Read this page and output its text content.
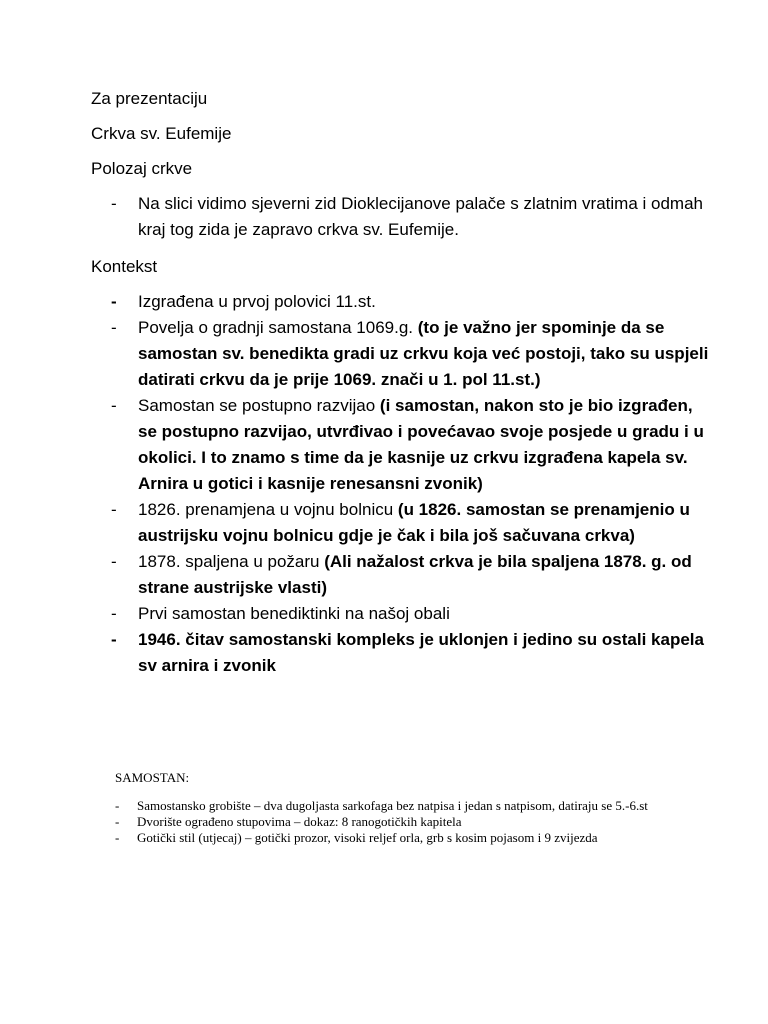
Za prezentaciju

Crkva sv. Eufemije

Polozaj crkve

- Na slici vidimo sjeverni zid Dioklecijanove palače s zlatnim vratima i odmah kraj tog zida je zapravo crkva sv. Eufemije.

Kontekst

- Izgrađena u prvoj polovici 11.st.
- Povelja o gradnji samostana 1069.g. (to je važno jer spominje da se samostan sv. benedikta gradi uz crkvu koja već postoji, tako su uspjeli datirati crkvu da je prije 1069. znači u 1. pol 11.st.)
- Samostan se postupno razvijao (i samostan, nakon sto je bio izgrađen, se postupno razvijao, utvrđivao i povećavao svoje posjede u gradu i u okolici. I to znamo s time da je kasnije uz crkvu izgrađena kapela sv. Arnira u gotici i kasnije renesansni zvonik)
- 1826. prenamjena u vojnu bolnicu (u 1826. samostan se prenamjenio u austrijsku vojnu bolnicu gdje je čak i bila još sačuvana crkva)
- 1878. spaljena u požaru (Ali nažalost crkva je bila spaljena 1878. g. od strane austrijske vlasti)
- Prvi samostan benediktinki na našoj obali
- 1946. čitav samostanski kompleks je uklonjen i jedino su ostali kapela sv arnira i zvonik

SAMOSTAN:

- Samostansko grobište – dva dugoljasta sarkofaga bez natpisa i jedan s natpisom, datiraju se 5.-6.st
- Dvorište ograđeno stupovima – dokaz: 8 ranogotičkih kapitela
- Gotički stil (utjecaj) – gotički prozor, visoki reljef orla, grb s kosim pojasom i 9 zvijezda
